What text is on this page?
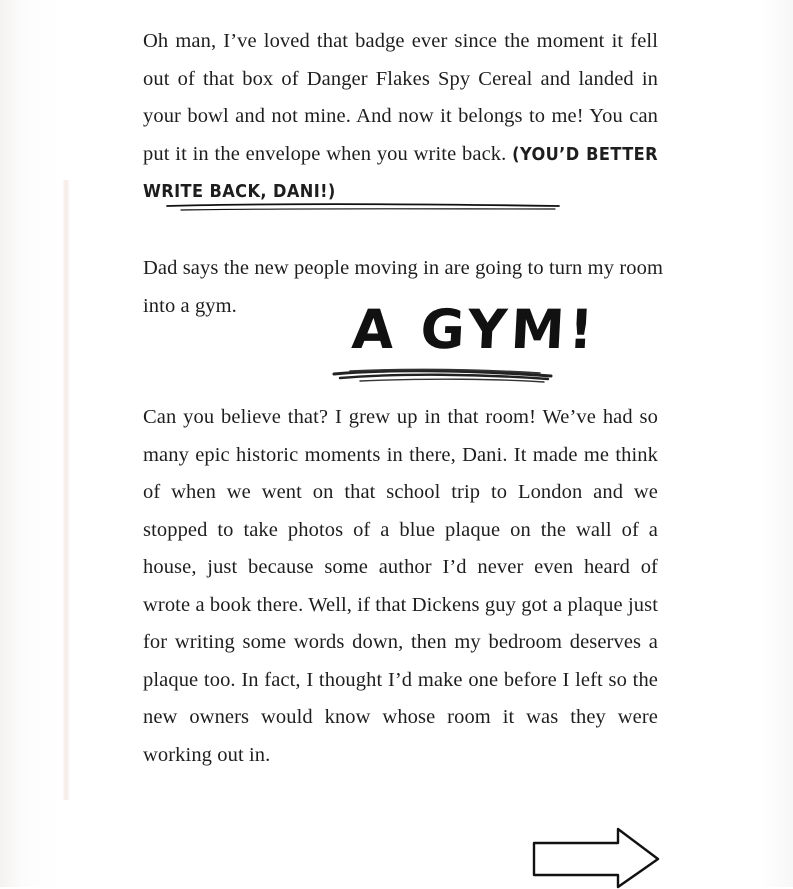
Oh man, I’ve loved that badge ever since the moment it fell out of that box of Danger Flakes Spy Cereal and landed in your bowl and not mine. And now it belongs to me! You can put it in the envelope when you write back. (YOU’D BETTER WRITE BACK, DANI!)

Dad says the new people moving in are going to turn my room into a gym.	A GYM!

Can you believe that? I grew up in that room! We’ve had so many epic historic moments in there, Dani. It made me think of when we went on that school trip to London and we stopped to take photos of a blue plaque on the wall of a house, just because some author I’d never even heard of wrote a book there. Well, if that Dickens guy got a plaque just for writing some words down, then my bedroom deserves a plaque too. In fact, I thought I’d make one before I left so the new owners would know whose room it was they were working out in.
